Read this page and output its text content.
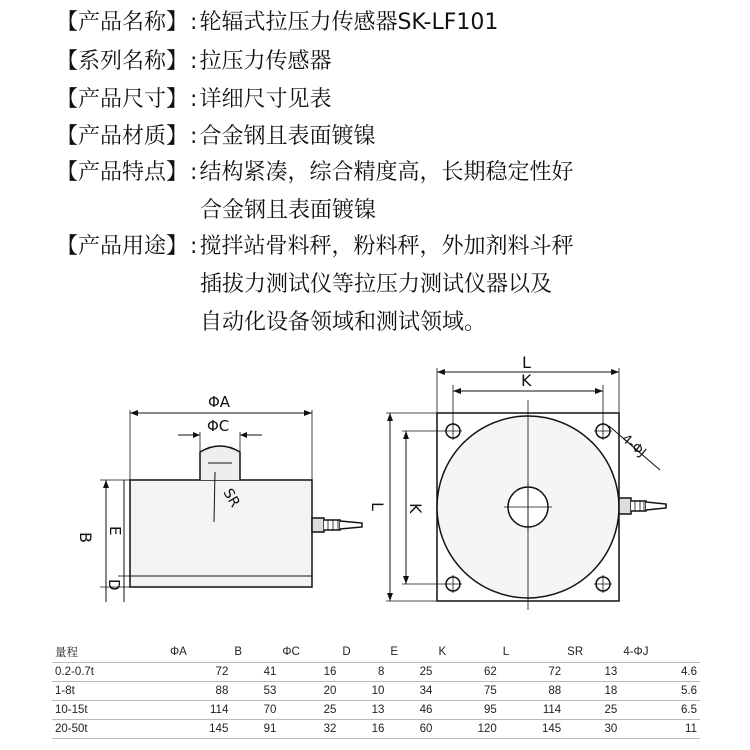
【产品名称】:轮辐式拉压力传感器SK-LF101
【系列名称】:拉压力传感器
【产品尺寸】:详细尺寸见表
【产品材质】:合金钢且表面镀镍
【产品特点】:结构紧凑，综合精度高，长期稳定性好
合金钢且表面镀镍
【产品用途】:搅拌站骨料秤，粉料秤，外加剂料斗秤
插拔力测试仪等拉压力测试仪器以及
自动化设备领域和测试领域。
ΦA
ΦC
SR
B
E
D
L
K
L K
4-ΦJ
量程	ΦA	B	ΦC	D	E	K	L	SR	4-ΦJ
0.2-0.7t	72	41	16	8	25	62	72	13	4.6
1-8t	88	53	20	10	34	75	88	18	5.6
10-15t	114	70	25	13	46	95	114	25	6.5
20-50t	145	91	32	16	60	120	145	30	11
